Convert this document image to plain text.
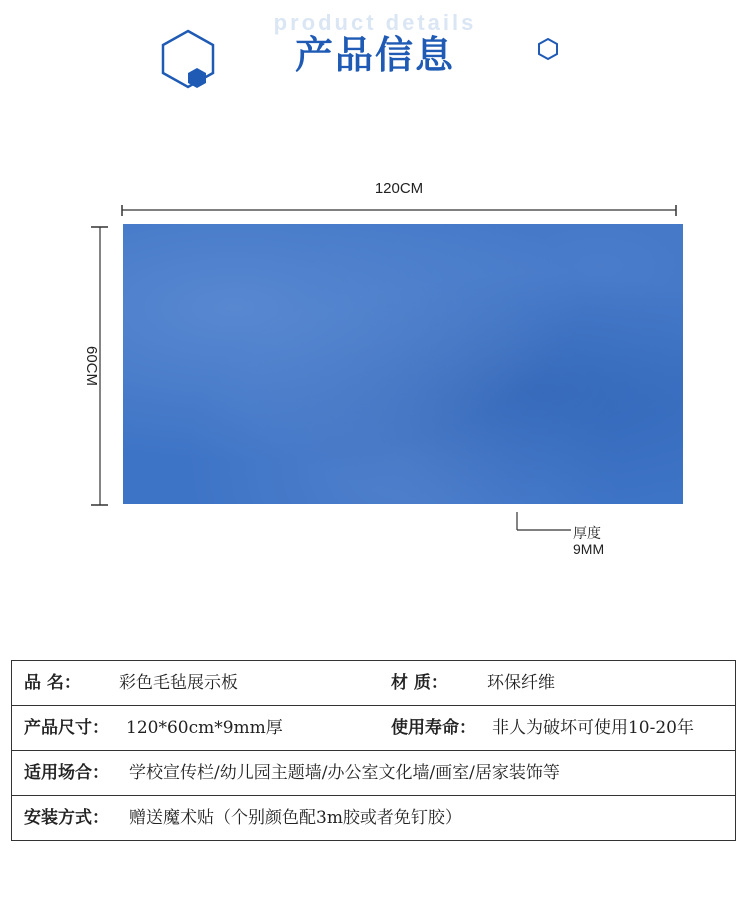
product details
产品信息
120CM
60CM
厚度
9MM
品 名： 彩色毛毡展示板	材 质： 环保纤维
产品尺寸： 120*60cm*9mm厚	使用寿命： 非人为破坏可使用10-20年
适用场合： 学校宣传栏/幼儿园主题墙/办公室文化墙/画室/居家装饰等
安装方式： 赠送魔术贴（个别颜色配3m胶或者免钉胶）
